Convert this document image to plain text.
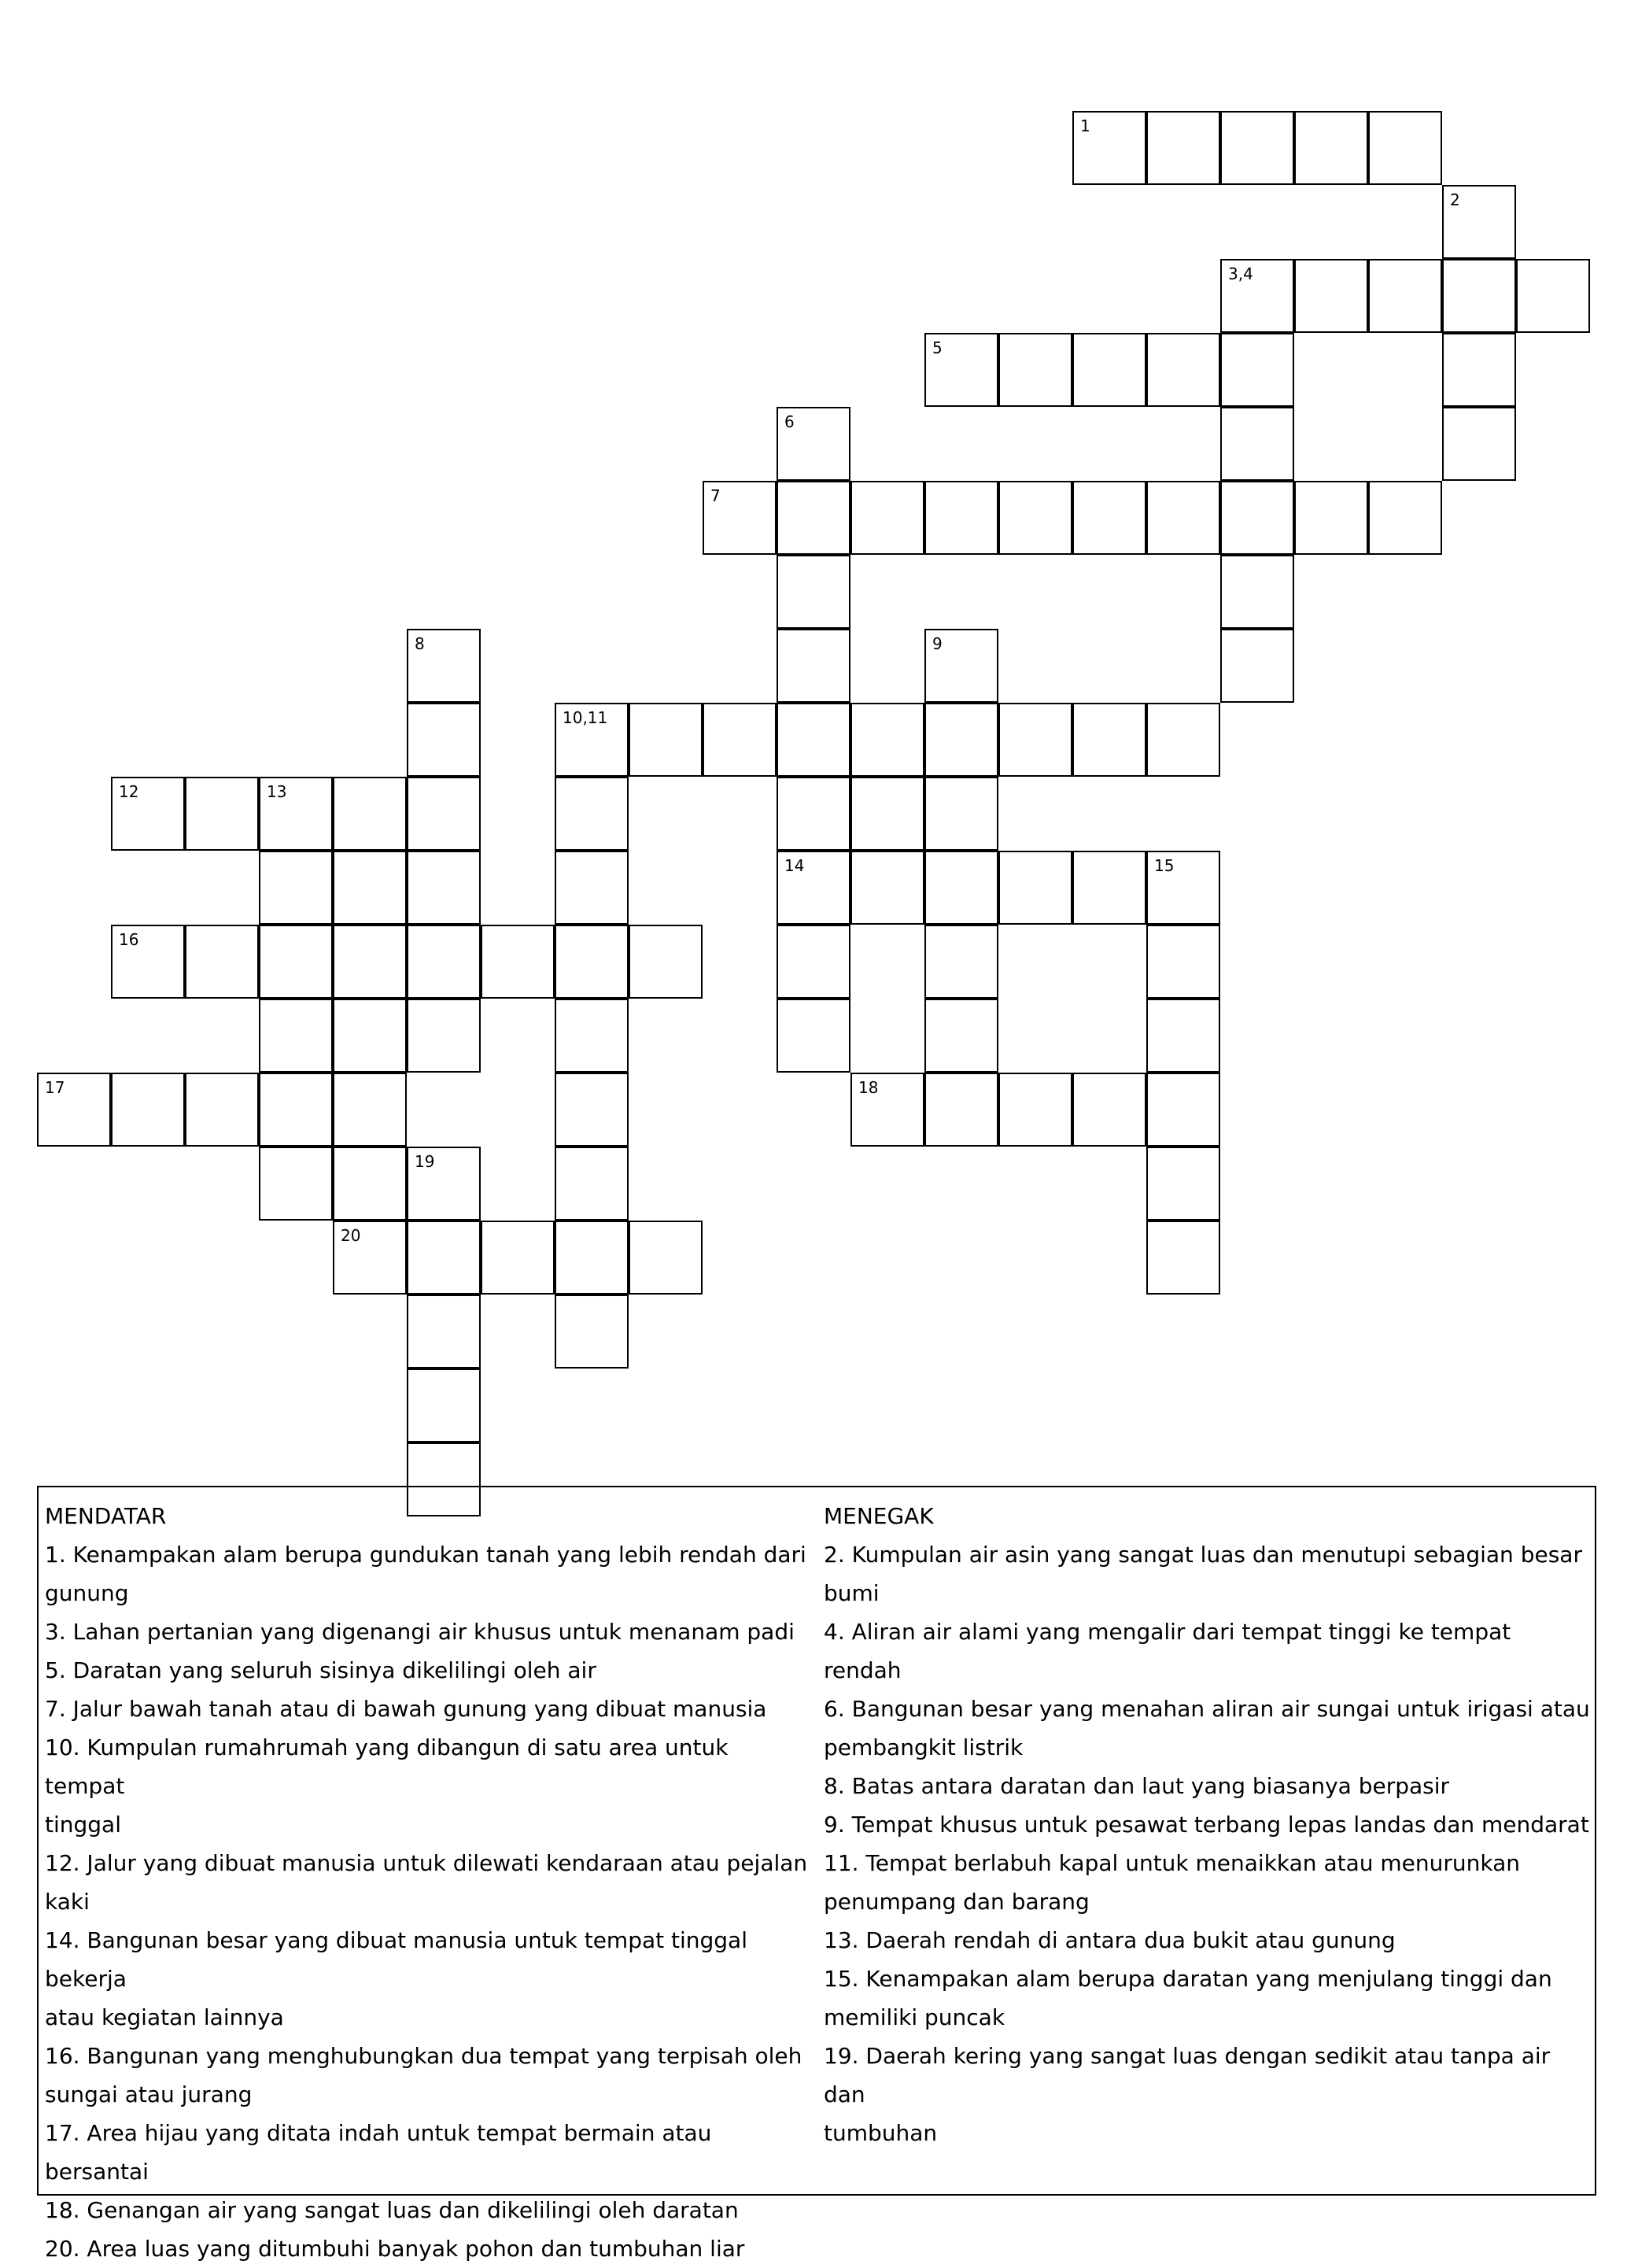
1
2
3,4
5
6
7
8	9
10,11
12	13
14	15
16
17	18
19
20

MENDATAR

1. Kenampakan alam berupa gundukan tanah yang lebih rendah dari

gunung

3. Lahan pertanian yang digenangi air khusus untuk menanam padi

5. Daratan yang seluruh sisinya dikelilingi oleh air

7. Jalur bawah tanah atau di bawah gunung yang dibuat manusia

10. Kumpulan rumahrumah yang dibangun di satu area untuk tempat

tinggal

12. Jalur yang dibuat manusia untuk dilewati kendaraan atau pejalan

kaki

14. Bangunan besar yang dibuat manusia untuk tempat tinggal bekerja

atau kegiatan lainnya

16. Bangunan yang menghubungkan dua tempat yang terpisah oleh

sungai atau jurang

17. Area hijau yang ditata indah untuk tempat bermain atau bersantai

18. Genangan air yang sangat luas dan dikelilingi oleh daratan

20. Area luas yang ditumbuhi banyak pohon dan tumbuhan liar

MENEGAK

2. Kumpulan air asin yang sangat luas dan menutupi sebagian besar

bumi

4. Aliran air alami yang mengalir dari tempat tinggi ke tempat rendah

6. Bangunan besar yang menahan aliran air sungai untuk irigasi atau

pembangkit listrik

8. Batas antara daratan dan laut yang biasanya berpasir

9. Tempat khusus untuk pesawat terbang lepas landas dan mendarat

11. Tempat berlabuh kapal untuk menaikkan atau menurunkan

penumpang dan barang

13. Daerah rendah di antara dua bukit atau gunung

15. Kenampakan alam berupa daratan yang menjulang tinggi dan

memiliki puncak

19. Daerah kering yang sangat luas dengan sedikit atau tanpa air dan

tumbuhan
